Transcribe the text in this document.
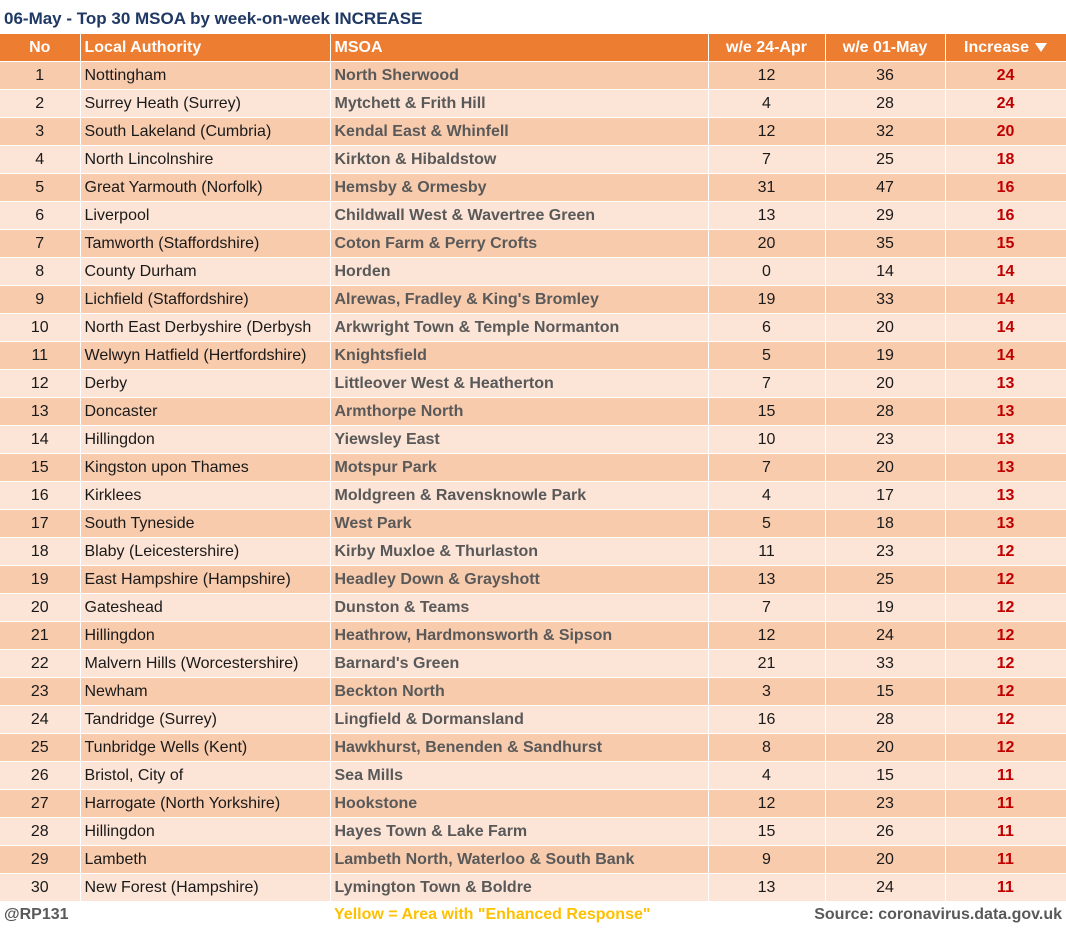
06-May - Top 30 MSOA by week-on-week INCREASE
No	Local Authority	MSOA	w/e 24-Apr	w/e 01-May	Increase
1	Nottingham	North Sherwood	12	36	24
2	Surrey Heath (Surrey)	Mytchett & Frith Hill	4	28	24
3	South Lakeland (Cumbria)	Kendal East & Whinfell	12	32	20
4	North Lincolnshire	Kirkton & Hibaldstow	7	25	18
5	Great Yarmouth (Norfolk)	Hemsby & Ormesby	31	47	16
6	Liverpool	Childwall West & Wavertree Green	13	29	16
7	Tamworth (Staffordshire)	Coton Farm & Perry Crofts	20	35	15
8	County Durham	Horden	0	14	14
9	Lichfield (Staffordshire)	Alrewas, Fradley & King's Bromley	19	33	14
10	North East Derbyshire (Derbysh	Arkwright Town & Temple Normanton	6	20	14
11	Welwyn Hatfield (Hertfordshire)	Knightsfield	5	19	14
12	Derby	Littleover West & Heatherton	7	20	13
13	Doncaster	Armthorpe North	15	28	13
14	Hillingdon	Yiewsley East	10	23	13
15	Kingston upon Thames	Motspur Park	7	20	13
16	Kirklees	Moldgreen & Ravensknowle Park	4	17	13
17	South Tyneside	West Park	5	18	13
18	Blaby (Leicestershire)	Kirby Muxloe & Thurlaston	11	23	12
19	East Hampshire (Hampshire)	Headley Down & Grayshott	13	25	12
20	Gateshead	Dunston & Teams	7	19	12
21	Hillingdon	Heathrow, Hardmonsworth & Sipson	12	24	12
22	Malvern Hills (Worcestershire)	Barnard's Green	21	33	12
23	Newham	Beckton North	3	15	12
24	Tandridge (Surrey)	Lingfield & Dormansland	16	28	12
25	Tunbridge Wells (Kent)	Hawkhurst, Benenden & Sandhurst	8	20	12
26	Bristol, City of	Sea Mills	4	15	11
27	Harrogate (North Yorkshire)	Hookstone	12	23	11
28	Hillingdon	Hayes Town & Lake Farm	15	26	11
29	Lambeth	Lambeth North, Waterloo & South Bank	9	20	11
30	New Forest (Hampshire)	Lymington Town & Boldre	13	24	11
@RP131	Yellow = Area with "Enhanced Response"	Source: coronavirus.data.gov.uk
